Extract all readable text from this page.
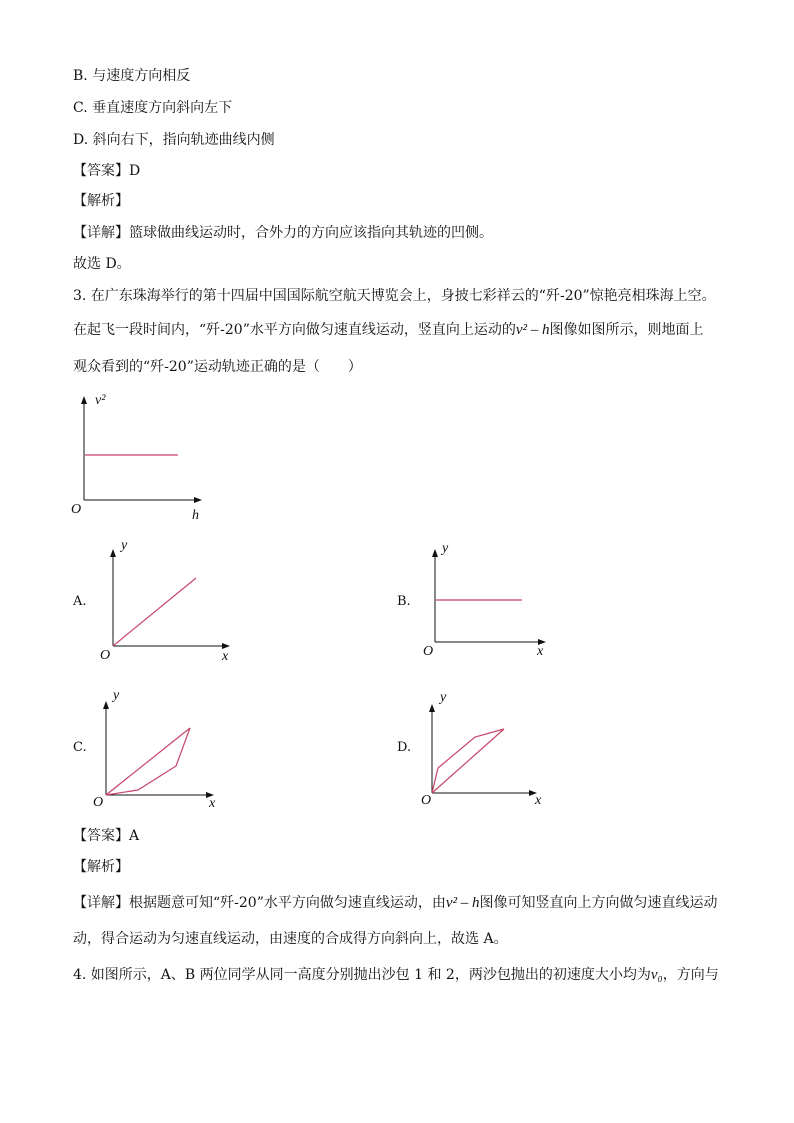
B. 与速度方向相反
C. 垂直速度方向斜向左下
D. 斜向右下，指向轨迹曲线内侧
【答案】D
【解析】
【详解】篮球做曲线运动时，合外力的方向应该指向其轨迹的凹侧。
故选 D。
3. 在广东珠海举行的第十四届中国国际航空航天博览会上，身披七彩祥云的“歼-20”惊艳亮相珠海上空。
在起飞一段时间内，“歼-20”水平方向做匀速直线运动，竖直向上运动的v² – h图像如图所示，则地面上
观众看到的“歼-20”运动轨迹正确的是（　　）
v²
h
O
A.
y
x
O
B.
y
x
O
C.
y
x
O
D.
y
x
O
【答案】A
【解析】
【详解】根据题意可知“歼-20”水平方向做匀速直线运动，由v² – h图像可知竖直向上方向做匀速直线运动
动，得合运动为匀速直线运动，由速度的合成得方向斜向上，故选 A。
4. 如图所示，A、B 两位同学从同一高度分别抛出沙包 1 和 2，两沙包抛出的初速度大小均为v₀，方向与
